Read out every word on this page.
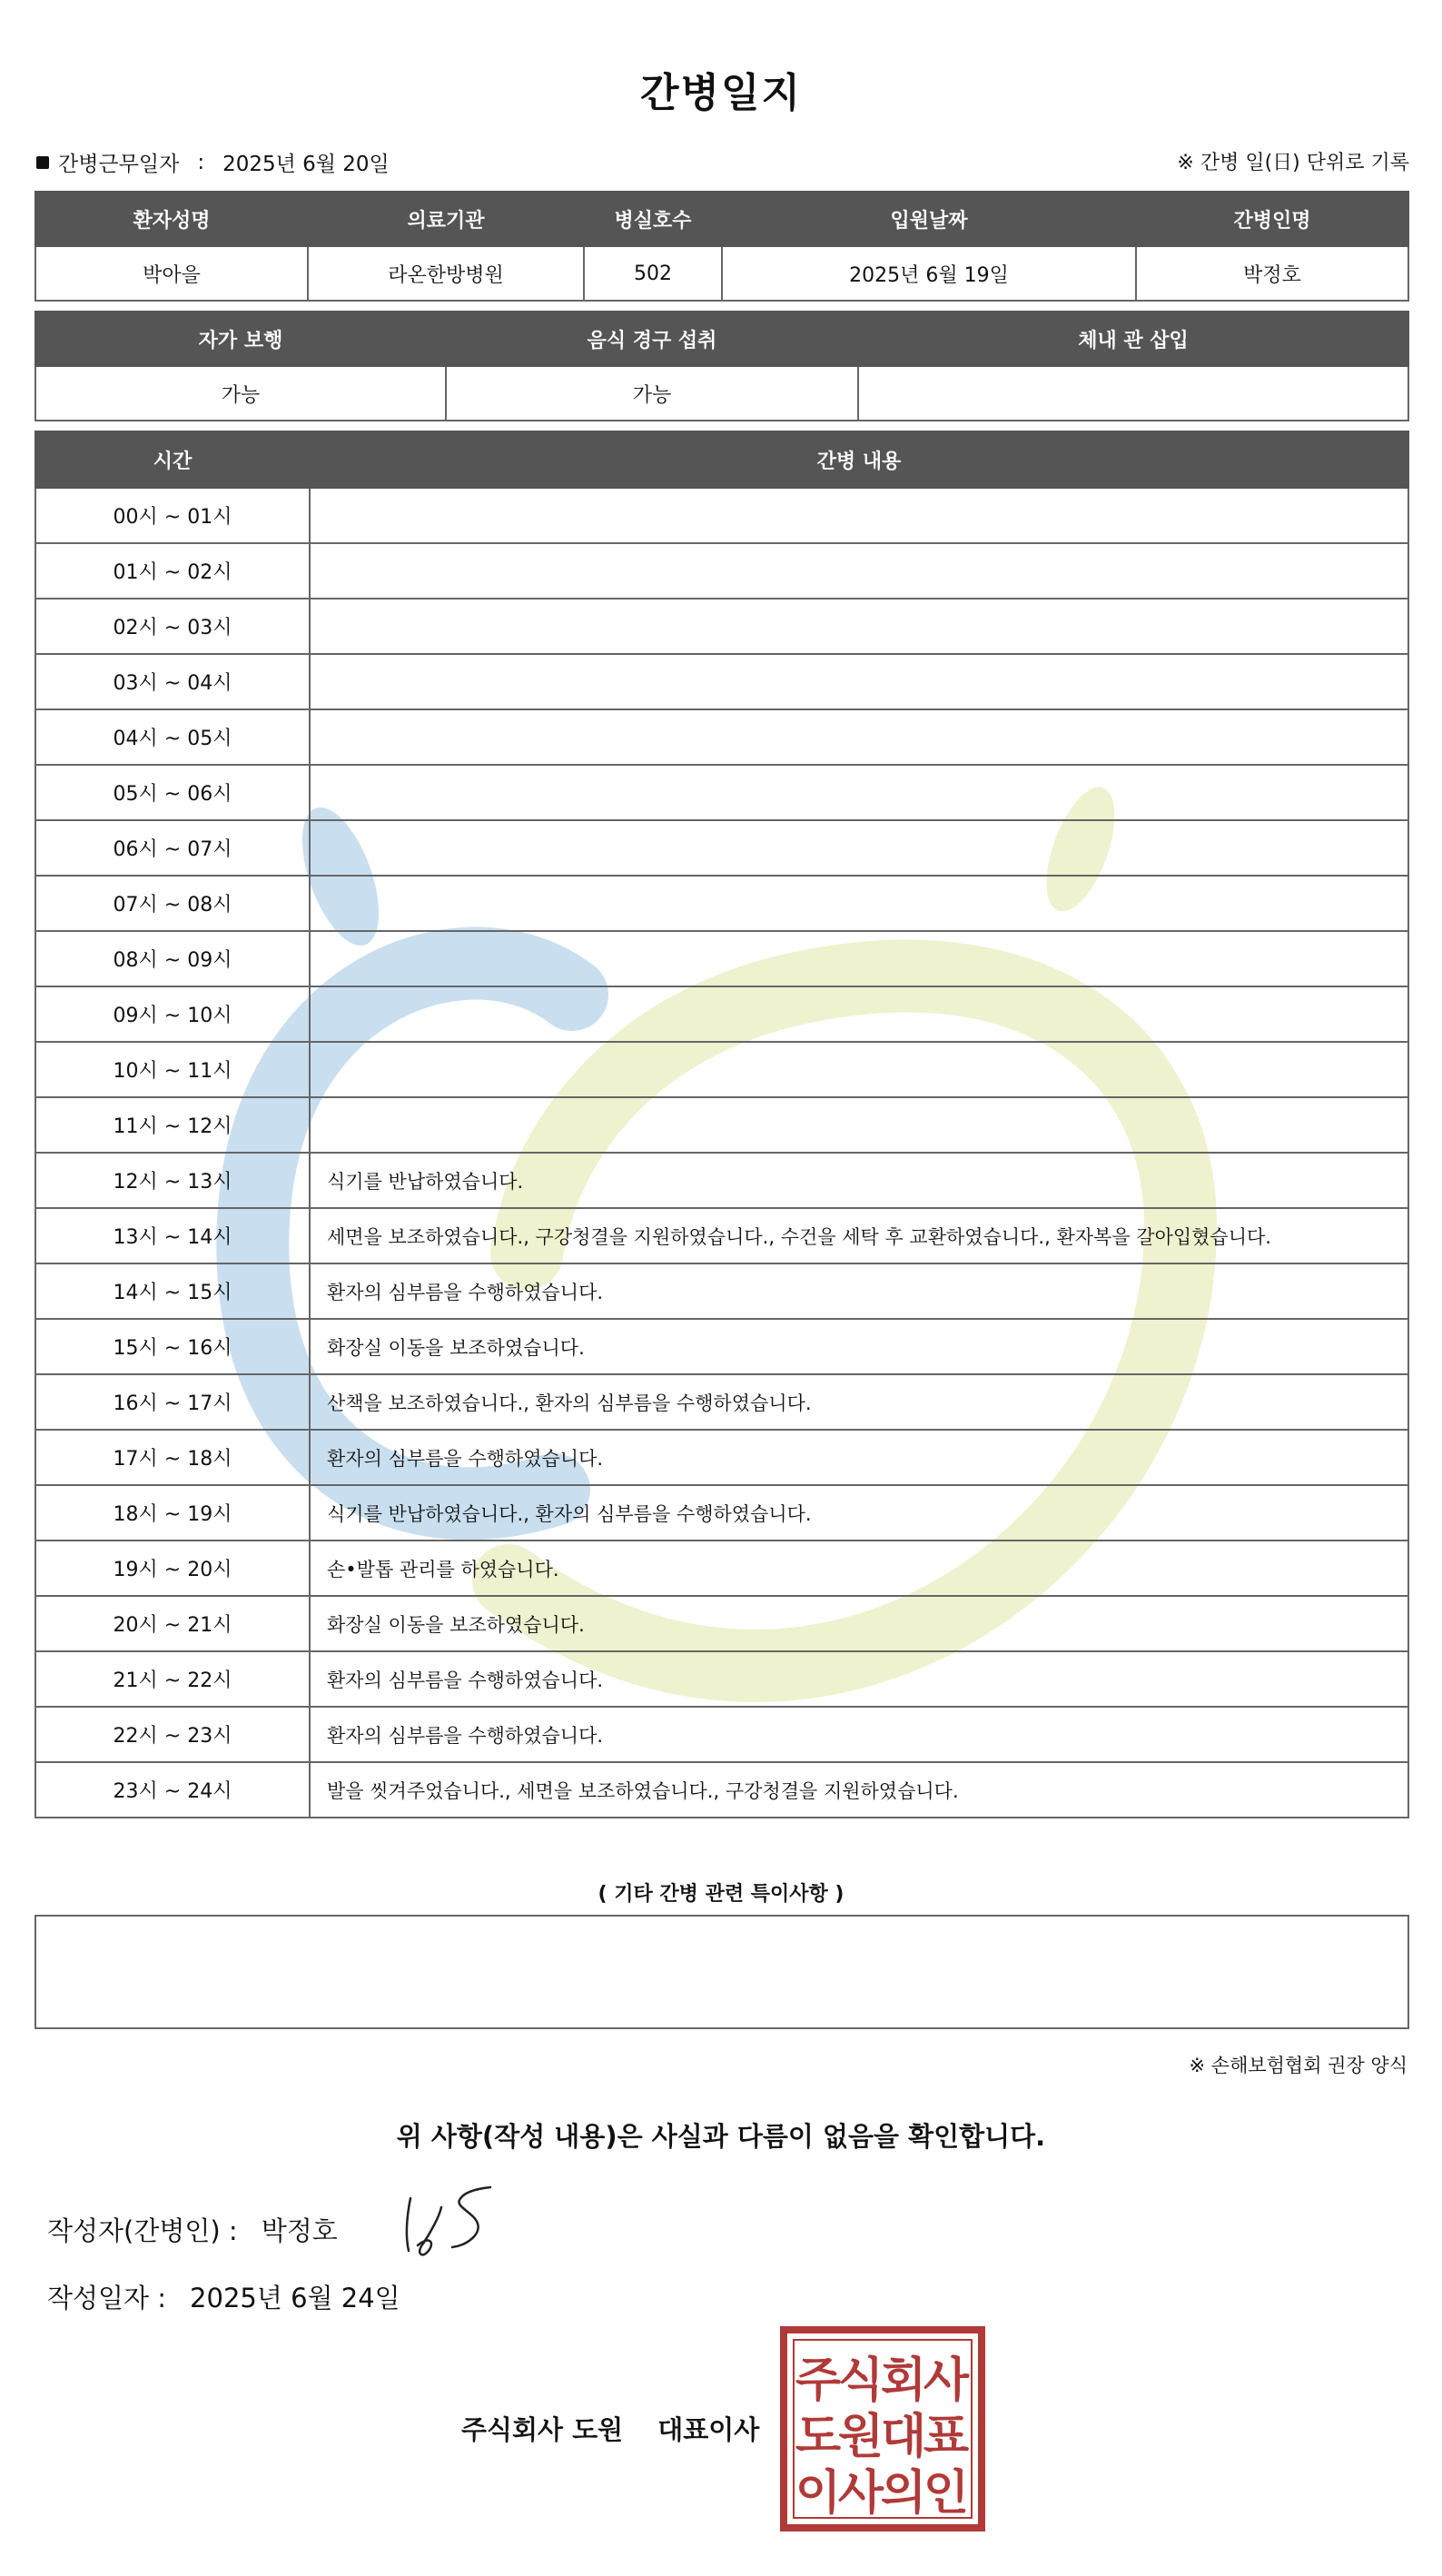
간병일지
간병근무일자 : 2025년 6월 20일	※ 간병 일(日) 단위로 기록
환자성명	의료기관	병실호수	입원날짜	간병인명
박아을	라온한방병원	502	2025년 6월 19일	박정호
자가 보행	음식 경구 섭취	체내 관 삽입
가능	가능	
시간	간병 내용
00시 ~ 01시	
01시 ~ 02시	
02시 ~ 03시	
03시 ~ 04시	
04시 ~ 05시	
05시 ~ 06시	
06시 ~ 07시	
07시 ~ 08시	
08시 ~ 09시	
09시 ~ 10시	
10시 ~ 11시	
11시 ~ 12시	
12시 ~ 13시	식기를 반납하였습니다.
13시 ~ 14시	세면을 보조하였습니다., 구강청결을 지원하였습니다., 수건을 세탁 후 교환하였습니다., 환자복을 갈아입혔습니다.
14시 ~ 15시	환자의 심부름을 수행하였습니다.
15시 ~ 16시	화장실 이동을 보조하였습니다.
16시 ~ 17시	산책을 보조하였습니다., 환자의 심부름을 수행하였습니다.
17시 ~ 18시	환자의 심부름을 수행하였습니다.
18시 ~ 19시	식기를 반납하였습니다., 환자의 심부름을 수행하였습니다.
19시 ~ 20시	손•발톱 관리를 하였습니다.
20시 ~ 21시	화장실 이동을 보조하였습니다.
21시 ~ 22시	환자의 심부름을 수행하였습니다.
22시 ~ 23시	환자의 심부름을 수행하였습니다.
23시 ~ 24시	발을 씻겨주었습니다., 세면을 보조하였습니다., 구강청결을 지원하였습니다.
( 기타 간병 관련 특이사항 )
※ 손해보험협회 권장 양식
위 사항(작성 내용)은 사실과 다름이 없음을 확인합니다.
작성자(간병인) : 박정호
작성일자 : 2025년 6월 24일
주식회사 도원 대표이사
주
식
회
사
도
원
대
표
이
사
의
인
